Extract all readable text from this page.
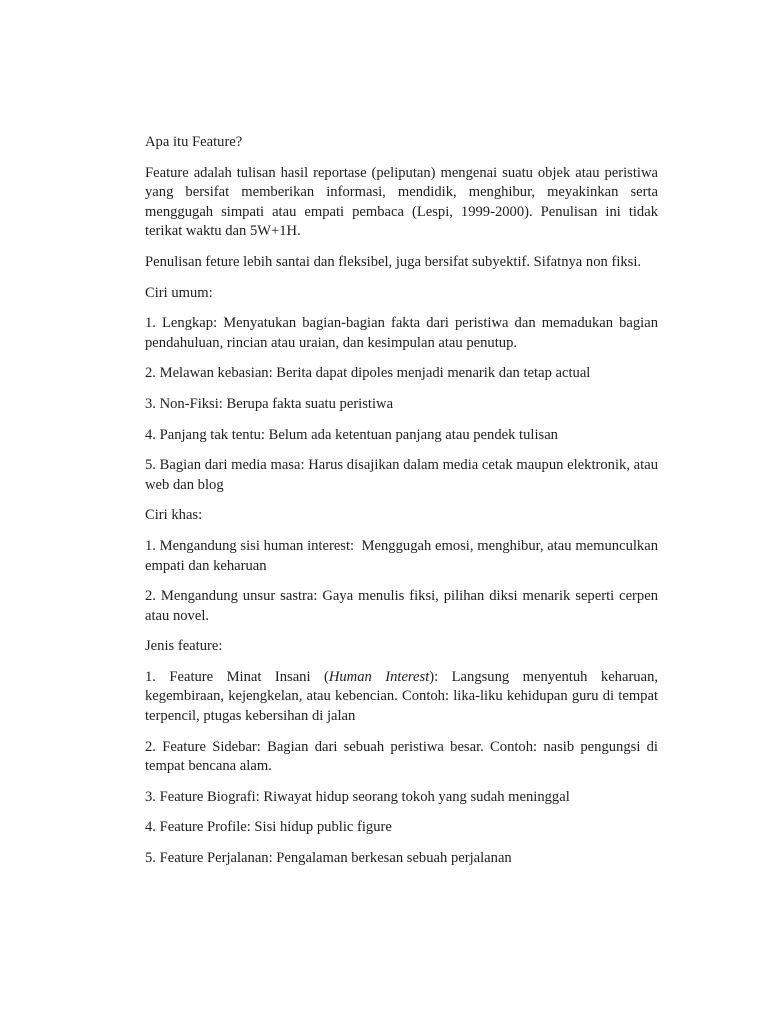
Apa itu Feature?

Feature adalah tulisan hasil reportase (peliputan) mengenai suatu objek atau peristiwa yang bersifat memberikan informasi, mendidik, menghibur, meyakinkan serta menggugah simpati atau empati pembaca (Lespi, 1999-2000). Penulisan ini tidak terikat waktu dan 5W+1H.

Penulisan feture lebih santai dan fleksibel, juga bersifat subyektif. Sifatnya non fiksi.

Ciri umum:

1. Lengkap: Menyatukan bagian-bagian fakta dari peristiwa dan memadukan bagian pendahuluan, rincian atau uraian, dan kesimpulan atau penutup.

2. Melawan kebasian: Berita dapat dipoles menjadi menarik dan tetap actual

3. Non-Fiksi: Berupa fakta suatu peristiwa

4. Panjang tak tentu: Belum ada ketentuan panjang atau pendek tulisan

5. Bagian dari media masa: Harus disajikan dalam media cetak maupun elektronik, atau web dan blog

Ciri khas:

1. Mengandung sisi human interest:  Menggugah emosi, menghibur, atau memunculkan empati dan keharuan

2. Mengandung unsur sastra: Gaya menulis fiksi, pilihan diksi menarik seperti cerpen atau novel.

Jenis feature:

1. Feature Minat Insani (Human Interest): Langsung menyentuh keharuan, kegembiraan, kejengkelan, atau kebencian. Contoh: lika-liku kehidupan guru di tempat terpencil, ptugas kebersihan di jalan

2. Feature Sidebar: Bagian dari sebuah peristiwa besar. Contoh: nasib pengungsi di tempat bencana alam.

3. Feature Biografi: Riwayat hidup seorang tokoh yang sudah meninggal

4. Feature Profile: Sisi hidup public figure

5. Feature Perjalanan: Pengalaman berkesan sebuah perjalanan
